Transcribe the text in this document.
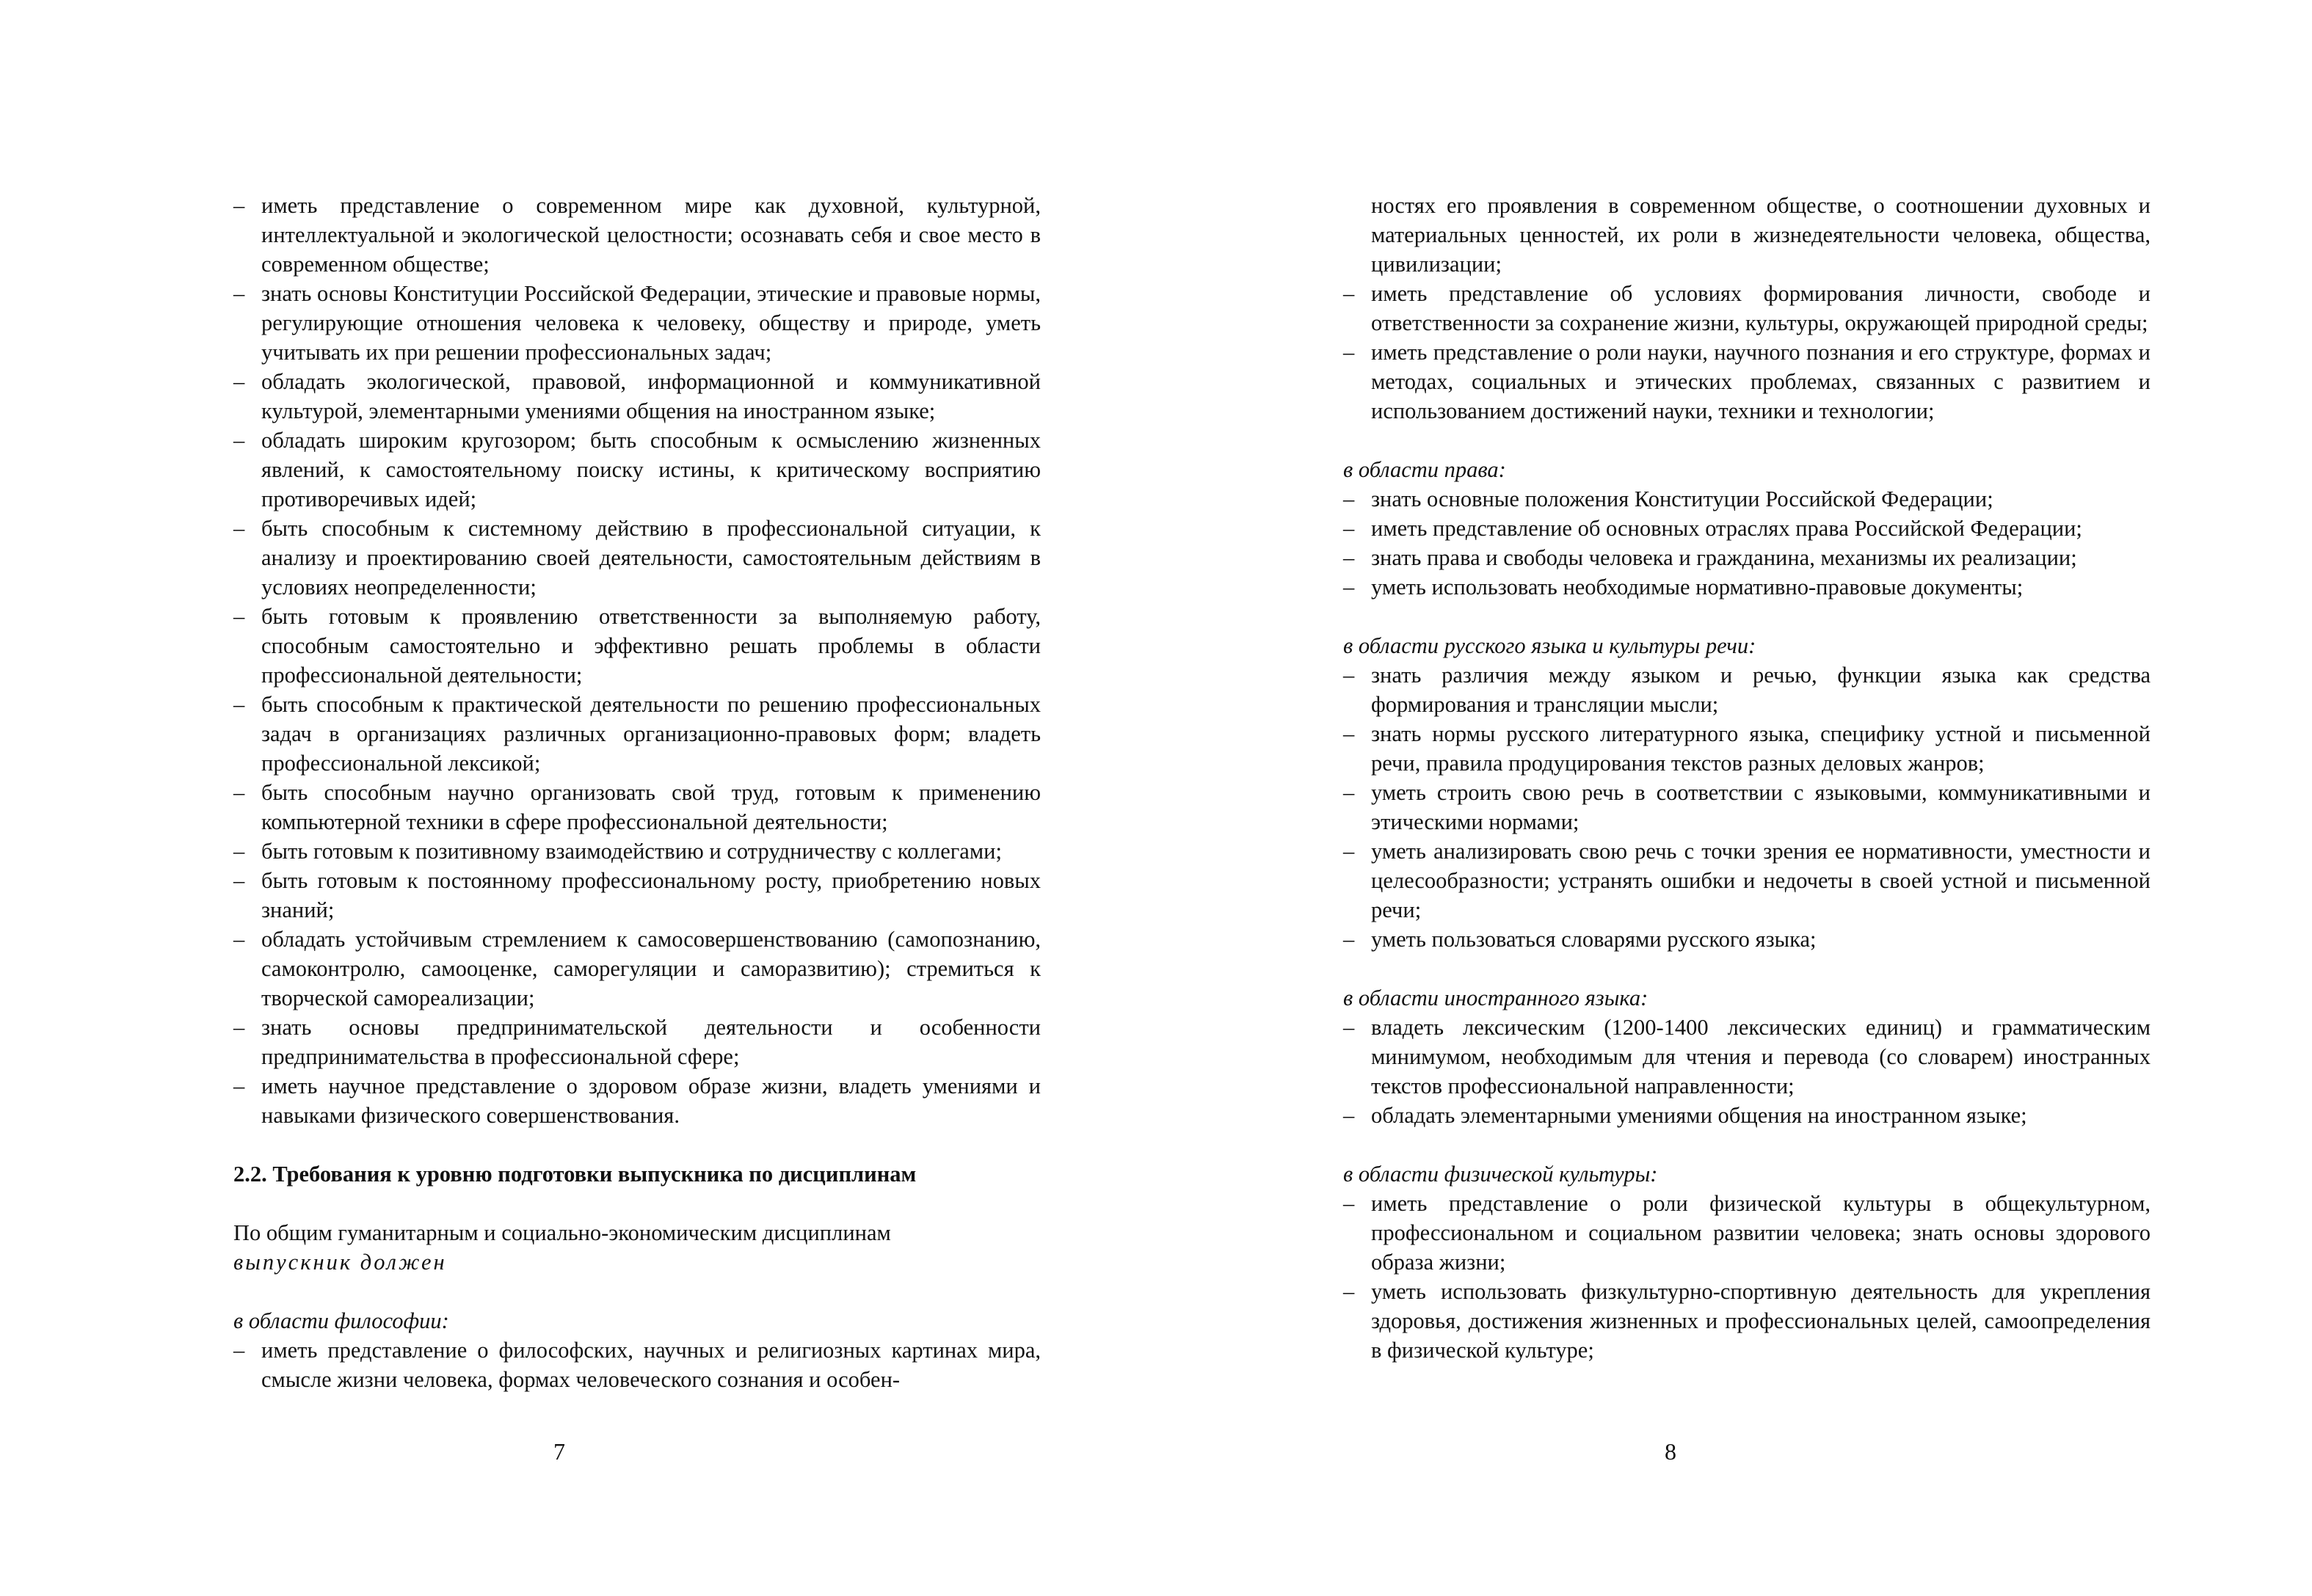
– иметь представление о современном мире как духовной, культурной, интеллектуальной и экологической целостности; осознавать себя и свое место в современном обществе;
– знать основы Конституции Российской Федерации, этические и правовые нормы, регулирующие отношения человека к человеку, обществу и природе, уметь учитывать их при решении профессиональных задач;
– обладать экологической, правовой, информационной и коммуникативной культурой, элементарными умениями общения на иностранном языке;
– обладать широким кругозором; быть способным к осмыслению жизненных явлений, к самостоятельному поиску истины, к критическому восприятию противоречивых идей;
– быть способным к системному действию в профессиональной ситуации, к анализу и проектированию своей деятельности, самостоятельным действиям в условиях неопределенности;
– быть готовым к проявлению ответственности за выполняемую работу, способным самостоятельно и эффективно решать проблемы в области профессиональной деятельности;
– быть способным к практической деятельности по решению профессиональных задач в организациях различных организационно-правовых форм; владеть профессиональной лексикой;
– быть способным научно организовать свой труд, готовым к применению компьютерной техники в сфере профессиональной деятельности;
– быть готовым к позитивному взаимодействию и сотрудничеству с коллегами;
– быть готовым к постоянному профессиональному росту, приобретению новых знаний;
– обладать устойчивым стремлением к самосовершенствованию (самопознанию, самоконтролю, самооценке, саморегуляции и саморазвитию); стремиться к творческой самореализации;
– знать основы предпринимательской деятельности и особенности предпринимательства в профессиональной сфере;
– иметь научное представление о здоровом образе жизни, владеть умениями и навыками физического совершенствования.
2.2. Требования к уровню подготовки выпускника по дисциплинам
По общим гуманитарным и социально-экономическим дисциплинам
выпускник должен
в области философии:
– иметь представление о философских, научных и религиозных картинах мира, смысле жизни человека, формах человеческого сознания и особен-
7
ностях его проявления в современном обществе, о соотношении духовных и материальных ценностей, их роли в жизнедеятельности человека, общества, цивилизации;
– иметь представление об условиях формирования личности, свободе и ответственности за сохранение жизни, культуры, окружающей природной среды;
– иметь представление о роли науки, научного познания и его структуре, формах и методах, социальных и этических проблемах, связанных с развитием и использованием достижений науки, техники и технологии;
в области права:
– знать основные положения Конституции Российской Федерации;
– иметь представление об основных отраслях права Российской Федерации;
– знать права и свободы человека и гражданина, механизмы их реализации;
– уметь использовать необходимые нормативно-правовые документы;
в области русского языка и культуры речи:
– знать различия между языком и речью, функции языка как средства формирования и трансляции мысли;
– знать нормы русского литературного языка, специфику устной и письменной речи, правила продуцирования текстов разных деловых жанров;
– уметь строить свою речь в соответствии с языковыми, коммуникативными и этическими нормами;
– уметь анализировать свою речь с точки зрения ее нормативности, уместности и целесообразности; устранять ошибки и недочеты в своей устной и письменной речи;
– уметь пользоваться словарями русского языка;
в области иностранного языка:
– владеть лексическим (1200-1400 лексических единиц) и грамматическим минимумом, необходимым для чтения и перевода (со словарем) иностранных текстов профессиональной направленности;
– обладать элементарными умениями общения на иностранном языке;
в области физической культуры:
– иметь представление о роли физической культуры в общекультурном, профессиональном и социальном развитии человека; знать основы здорового образа жизни;
– уметь использовать физкультурно-спортивную деятельность для укрепления здоровья, достижения жизненных и профессиональных целей, самоопределения в физической культуре;
8
